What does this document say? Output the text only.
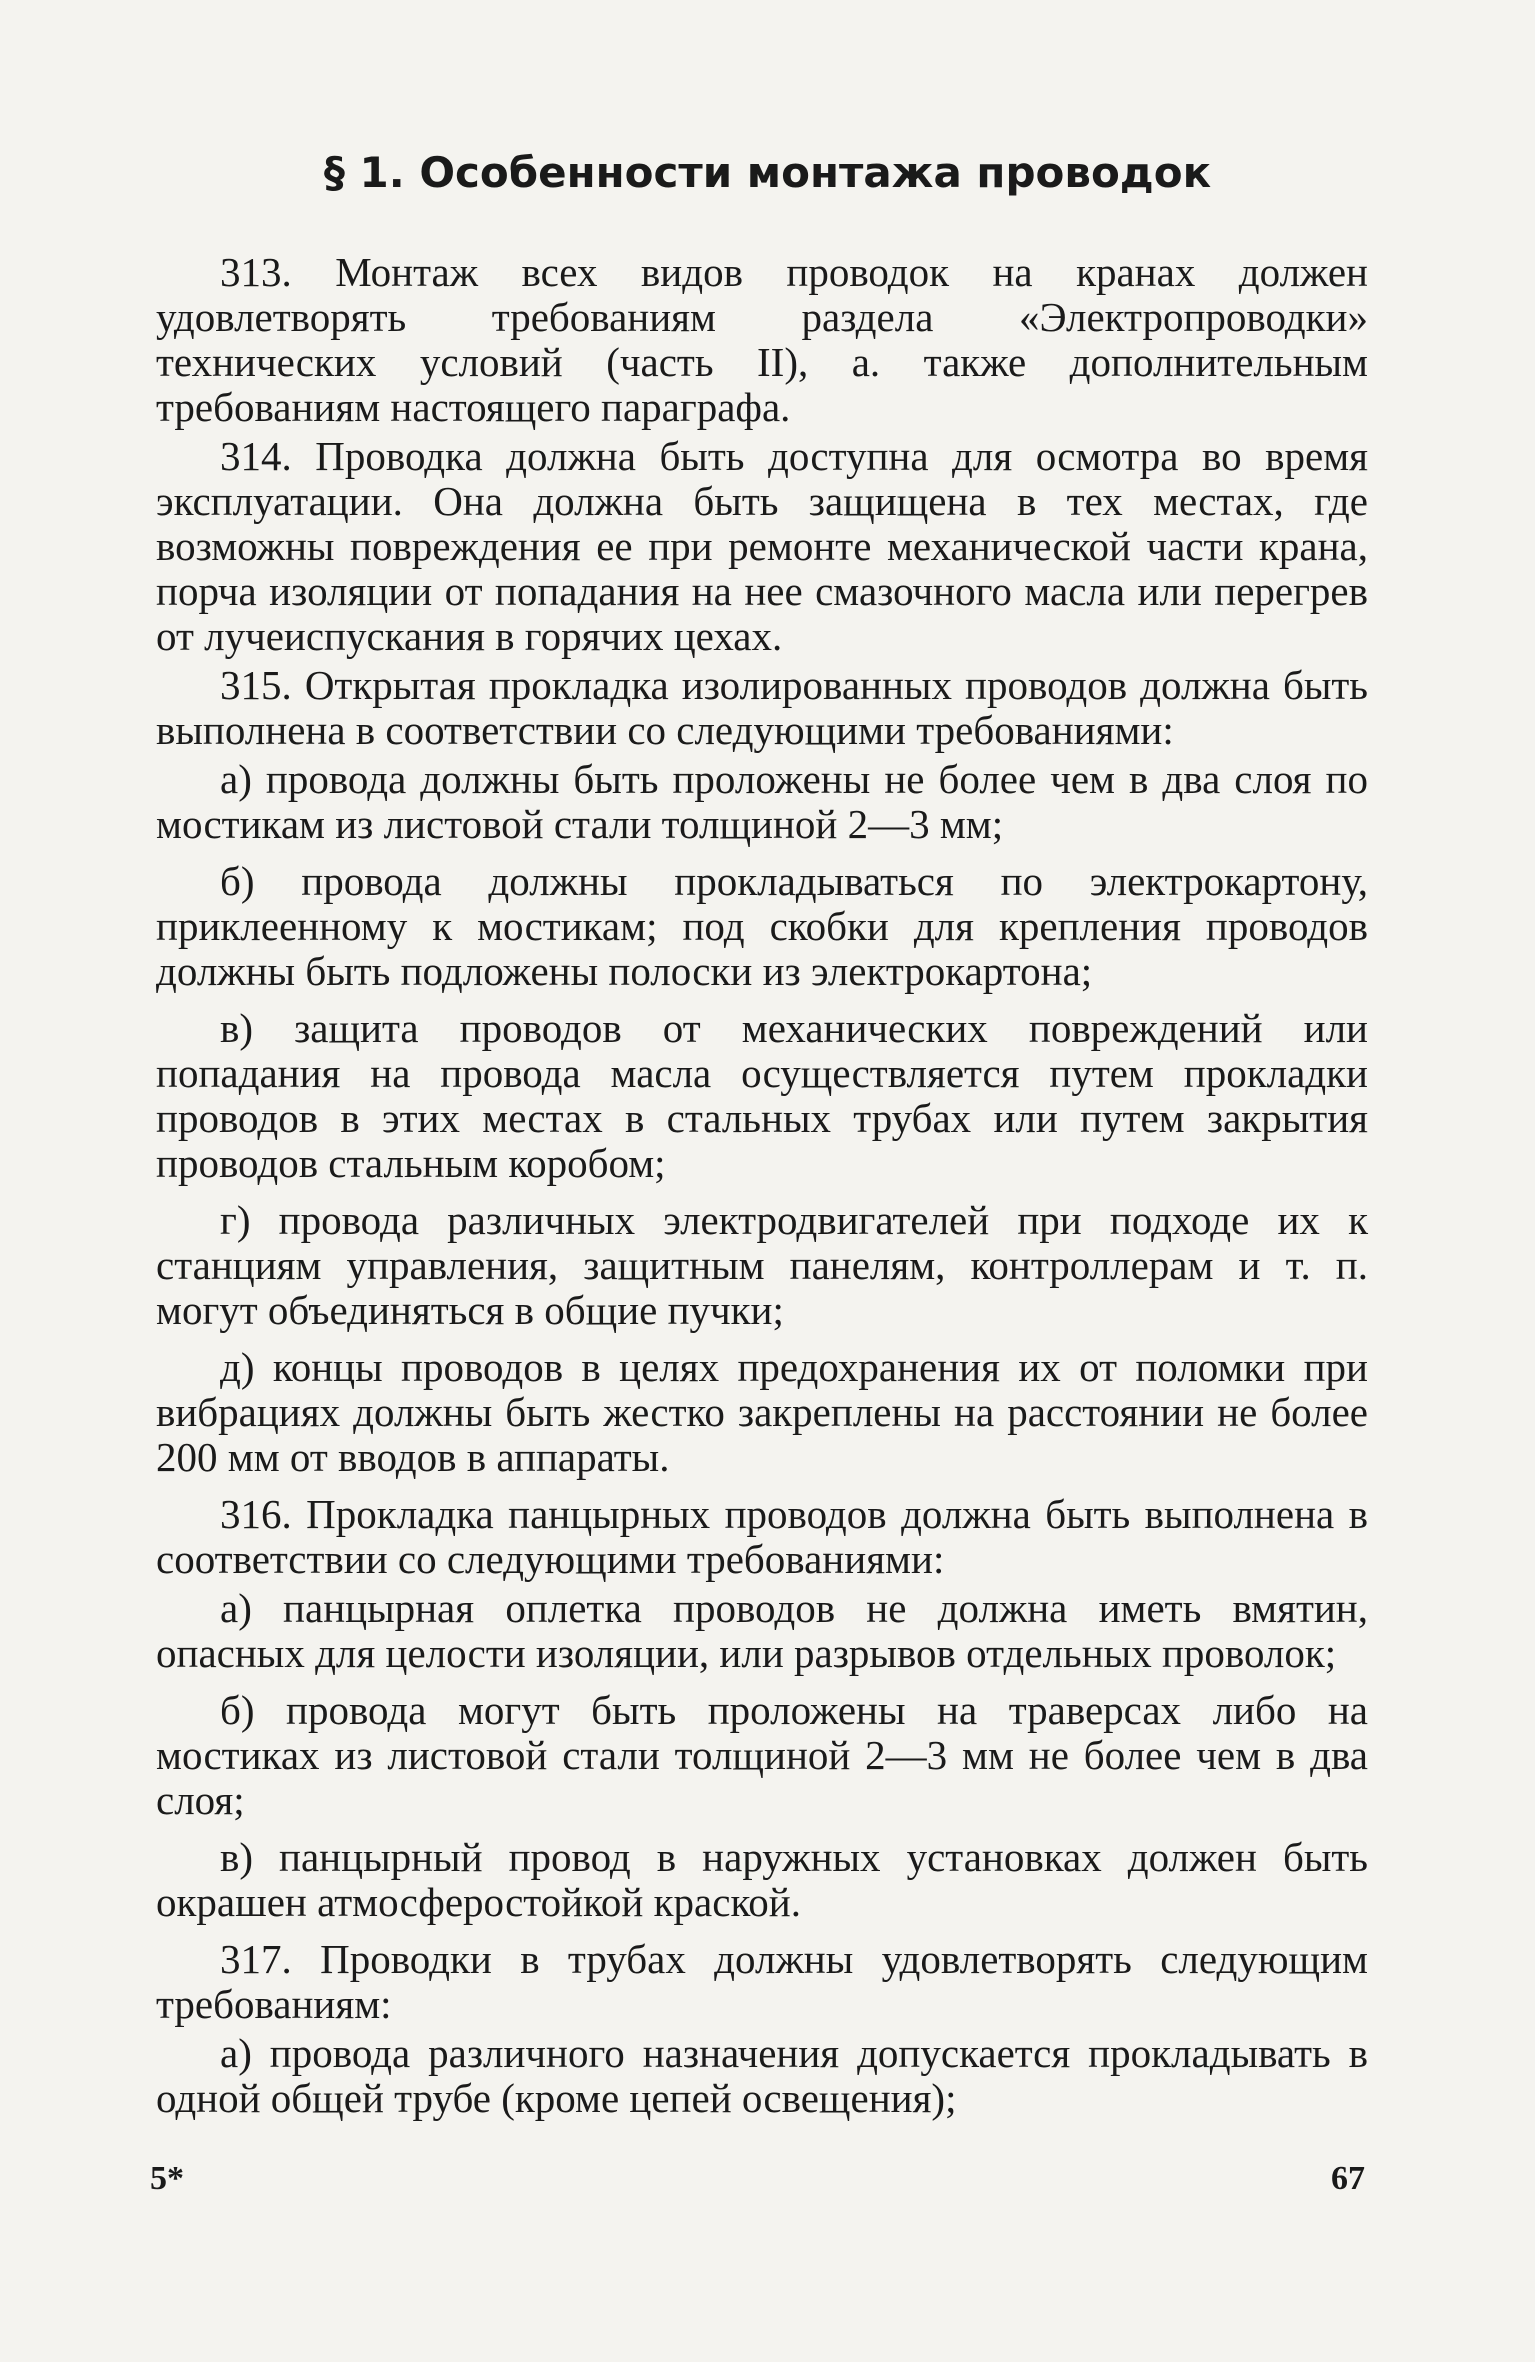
§ 1. Особенности монтажа проводок

313. Монтаж всех видов проводок на кранах должен удовлетворять требованиям раздела «Электропроводки» технических условий (часть II), а. также дополнительным требованиям настоящего параграфа.

314. Проводка должна быть доступна для осмотра во время эксплуатации. Она должна быть защищена в тех местах, где возможны повреждения ее при ремонте механической части крана, порча изоляции от попадания на нее смазочного масла или перегрев от лучеиспускания в горячих цехах.

315. Открытая прокладка изолированных проводов должна быть выполнена в соответствии со следующими требованиями:

а) провода должны быть проложены не более чем в два слоя по мостикам из листовой стали толщиной 2—3 мм;

б) провода должны прокладываться по электрокартону, приклеенному к мостикам; под скобки для крепления проводов должны быть подложены полоски из электрокартона;

в) защита проводов от механических повреждений или попадания на провода масла осуществляется путем прокладки проводов в этих местах в стальных трубах или путем закрытия проводов стальным коробом;

г) провода различных электродвигателей при подходе их к станциям управления, защитным панелям, контроллерам и т. п. могут объединяться в общие пучки;

д) концы проводов в целях предохранения их от поломки при вибрациях должны быть жестко закреплены на расстоянии не более 200 мм от вводов в аппараты.

316. Прокладка панцырных проводов должна быть выполнена в соответствии со следующими требованиями:

а) панцырная оплетка проводов не должна иметь вмятин, опасных для целости изоляции, или разрывов отдельных проволок;

б) провода могут быть проложены на траверсах либо на мостиках из листовой стали толщиной 2—3 мм не более чем в два слоя;

в) панцырный провод в наружных установках должен быть окрашен атмосферостойкой краской.

317. Проводки в трубах должны удовлетворять следующим требованиям:

а) провода различного назначения допускается прокладывать в одной общей трубе (кроме цепей освещения);

5*	67
